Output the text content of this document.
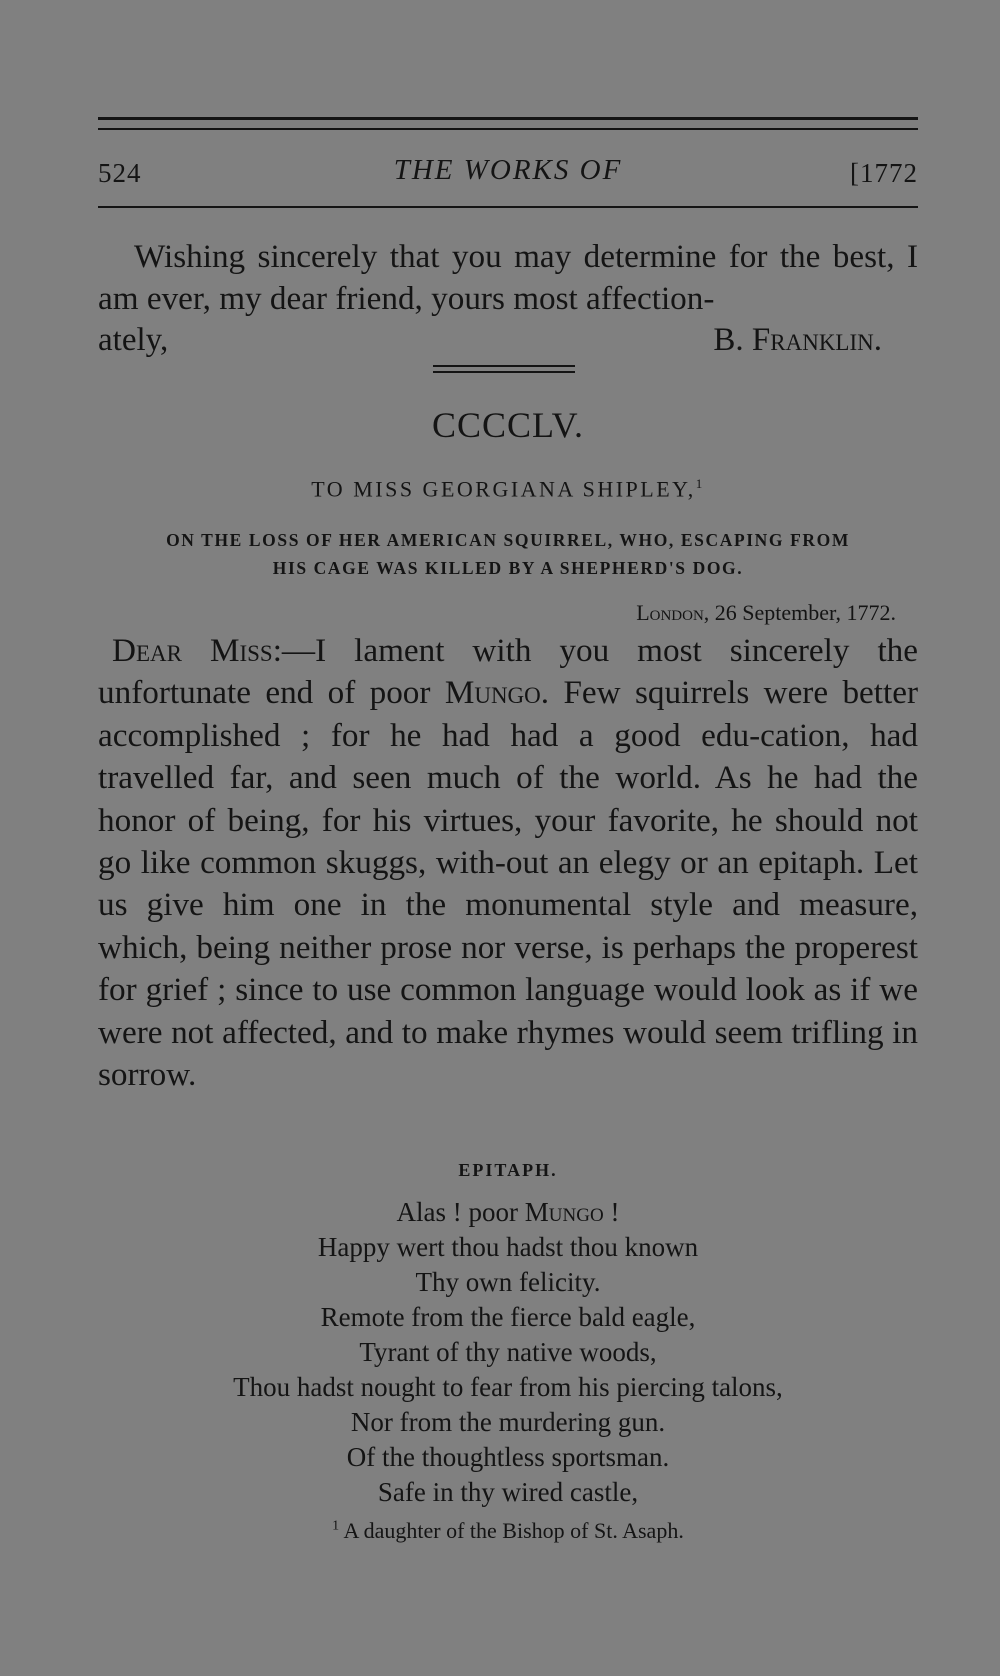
524	THE WORKS OF	[1772

Wishing sincerely that you may determine for the best, I am ever, my dear friend, yours most affection-

ately,	B. Franklin.
CCCCLV.
TO MISS GEORGIANA SHIPLEY,$^1$
ON THE LOSS OF HER AMERICAN SQUIRREL, WHO, ESCAPING FROM
HIS CAGE WAS KILLED BY A SHEPHERD'S DOG.
London, 26 September, 1772.

Dear Miss:—I lament with you most sincerely the unfortunate end of poor Mungo. Few squirrels were better accomplished ; for he had had a good edu-cation, had travelled far, and seen much of the world. As he had the honor of being, for his virtues, your favorite, he should not go like common skuggs, with-out an elegy or an epitaph. Let us give him one in the monumental style and measure, which, being neither prose nor verse, is perhaps the properest for grief ; since to use common language would look as if we were not affected, and to make rhymes would seem trifling in sorrow.

EPITAPH.
Alas ! poor Mungo !
Happy wert thou hadst thou known
Thy own felicity.
Remote from the fierce bald eagle,
Tyrant of thy native woods,
Thou hadst nought to fear from his piercing talons,
Nor from the murdering gun.
Of the thoughtless sportsman.
Safe in thy wired castle,
$^1$ A daughter of the Bishop of St. Asaph.
